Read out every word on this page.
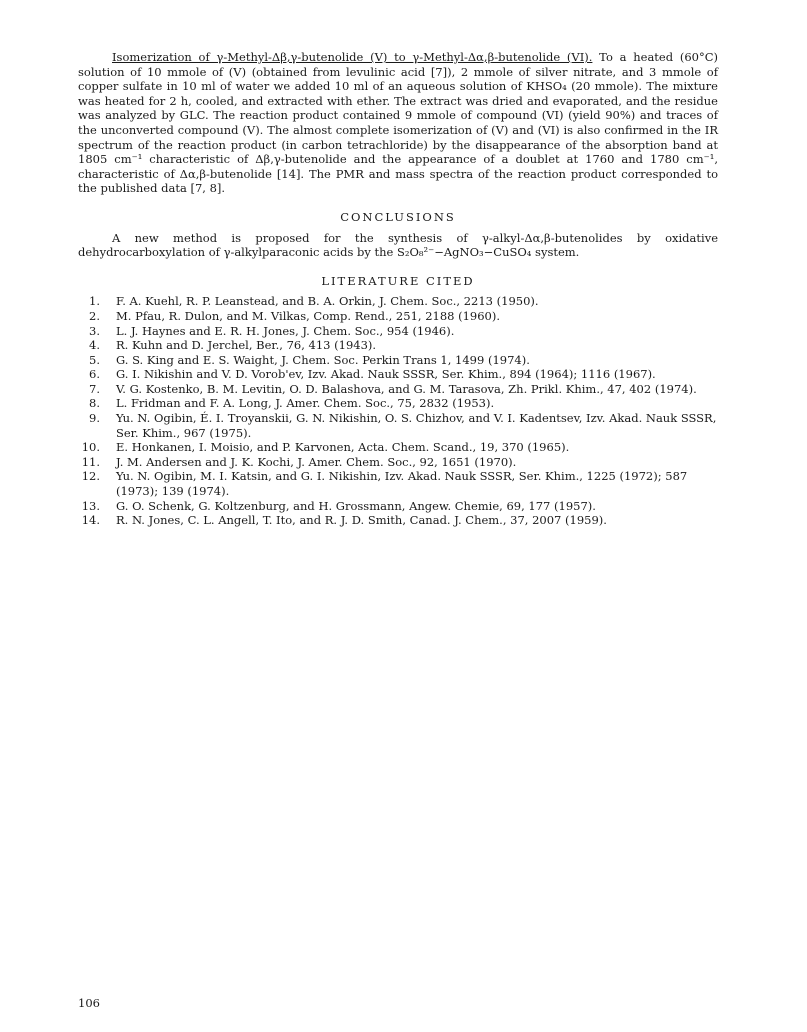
Isomerization of γ-Methyl-Δβ,γ-butenolide (V) to γ-Methyl-Δα,β-butenolide (VI). To a heated (60°C) solution of 10 mmole of (V) (obtained from levulinic acid [7]), 2 mmole of silver nitrate, and 3 mmole of copper sulfate in 10 ml of water we added 10 ml of an aqueous solution of KHSO₄ (20 mmole). The mixture was heated for 2 h, cooled, and extracted with ether. The extract was dried and evaporated, and the residue was analyzed by GLC. The reaction product contained 9 mmole of compound (VI) (yield 90%) and traces of the unconverted compound (V). The almost complete isomerization of (V) and (VI) is also confirmed in the IR spectrum of the reaction product (in carbon tetrachloride) by the disappearance of the absorption band at 1805 cm⁻¹ characteristic of Δβ,γ-butenolide and the appearance of a doublet at 1760 and 1780 cm⁻¹, characteristic of Δα,β-butenolide [14]. The PMR and mass spectra of the reaction product corresponded to the published data [7, 8].

CONCLUSIONS

A new method is proposed for the synthesis of γ-alkyl-Δα,β-butenolides by oxidative dehydrocarboxylation of γ-alkylparaconic acids by the S₂O₈²⁻−AgNO₃−CuSO₄ system.

LITERATURE CITED
1. F. A. Kuehl, R. P. Leanstead, and B. A. Orkin, J. Chem. Soc., 2213 (1950).
2. M. Pfau, R. Dulon, and M. Vilkas, Comp. Rend., 251, 2188 (1960).
3. L. J. Haynes and E. R. H. Jones, J. Chem. Soc., 954 (1946).
4. R. Kuhn and D. Jerchel, Ber., 76, 413 (1943).
5. G. S. King and E. S. Waight, J. Chem. Soc. Perkin Trans 1, 1499 (1974).
6. G. I. Nikishin and V. D. Vorob'ev, Izv. Akad. Nauk SSSR, Ser. Khim., 894 (1964); 1116 (1967).
7. V. G. Kostenko, B. M. Levitin, O. D. Balashova, and G. M. Tarasova, Zh. Prikl. Khim., 47, 402 (1974).
8. L. Fridman and F. A. Long, J. Amer. Chem. Soc., 75, 2832 (1953).
9. Yu. N. Ogibin, É. I. Troyanskii, G. N. Nikishin, O. S. Chizhov, and V. I. Kadentsev, Izv. Akad. Nauk SSSR, Ser. Khim., 967 (1975).
10. E. Honkanen, I. Moisio, and P. Karvonen, Acta. Chem. Scand., 19, 370 (1965).
11. J. M. Andersen and J. K. Kochi, J. Amer. Chem. Soc., 92, 1651 (1970).
12. Yu. N. Ogibin, M. I. Katsin, and G. I. Nikishin, Izv. Akad. Nauk SSSR, Ser. Khim., 1225 (1972); 587 (1973); 139 (1974).
13. G. O. Schenk, G. Koltzenburg, and H. Grossmann, Angew. Chemie, 69, 177 (1957).
14. R. N. Jones, C. L. Angell, T. Ito, and R. J. D. Smith, Canad. J. Chem., 37, 2007 (1959).
106
